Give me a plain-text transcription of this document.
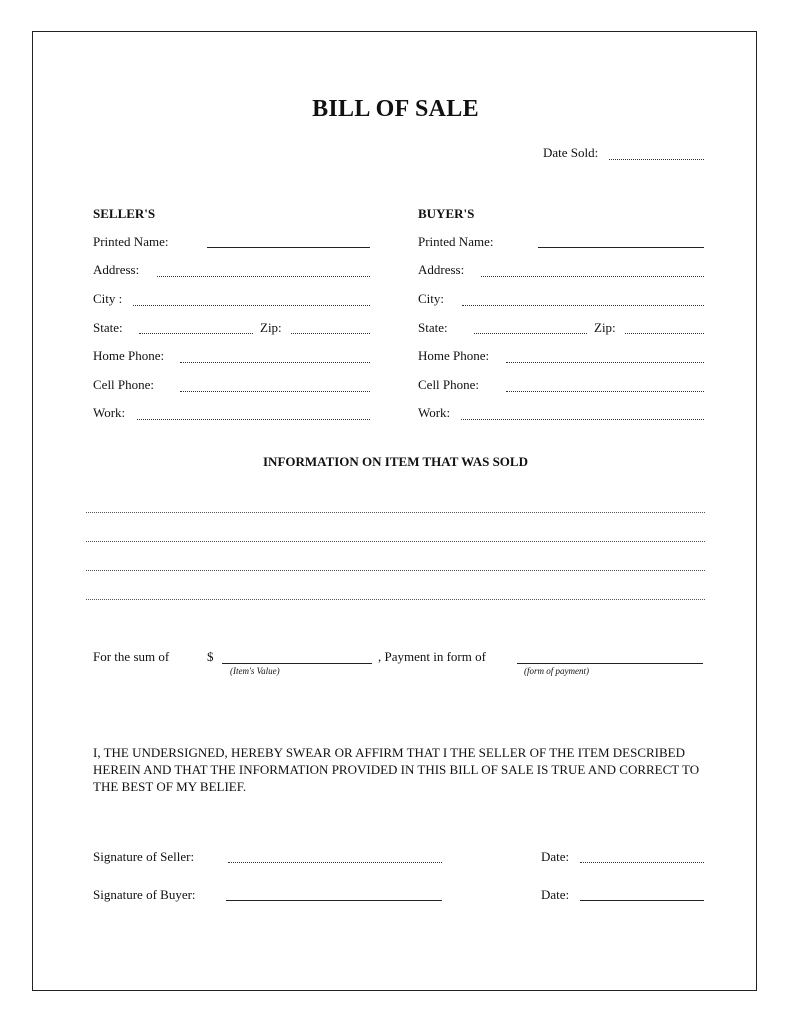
BILL OF SALE
Date Sold:
SELLER'S
Printed Name:
Address:
City :
State:	Zip:
Home Phone:
Cell Phone:
Work:
BUYER'S
Printed Name:
Address:
City:
State:	Zip:
Home Phone:
Cell Phone:
Work:
INFORMATION ON ITEM THAT WAS SOLD
For the sum of	$
(Item's Value)
, Payment in form of
(form of payment)
I, THE UNDERSIGNED, HEREBY SWEAR OR AFFIRM THAT I THE SELLER OF THE ITEM DESCRIBED HEREIN AND THAT THE INFORMATION PROVIDED IN THIS BILL OF SALE IS TRUE AND CORRECT TO THE BEST OF MY BELIEF.
Signature of Seller:	Date:
Signature of Buyer:	Date:
